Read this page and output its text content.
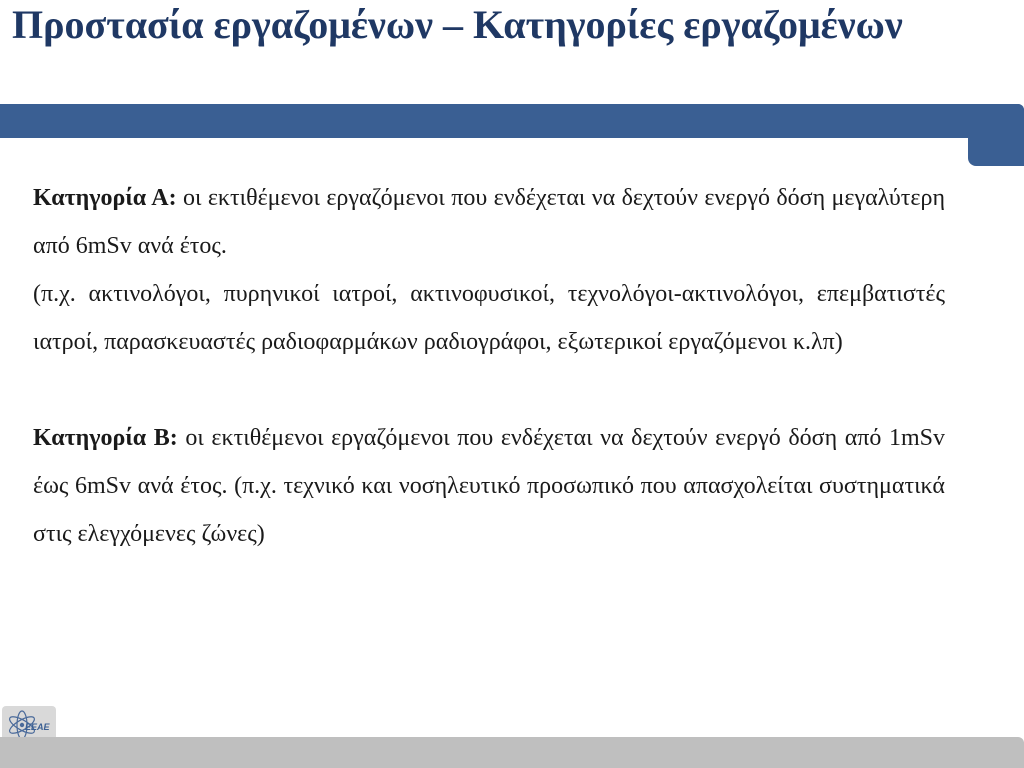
Προστασία εργαζομένων – Κατηγορίες εργαζομένων

Κατηγορία Α: οι εκτιθέμενοι εργαζόμενοι που ενδέχεται να δεχτούν ενεργό δόση μεγαλύτερη από 6mSv ανά έτος.

(π.χ. ακτινολόγοι, πυρηνικοί ιατροί, ακτινοφυσικοί, τεχνολόγοι-ακτινολόγοι, επεμβατιστές ιατροί, παρασκευαστές ραδιοφαρμάκων ραδιογράφοι, εξωτερικοί εργαζόμενοι κ.λπ)

Κατηγορία Β: οι εκτιθέμενοι εργαζόμενοι που ενδέχεται να δεχτούν ενεργό δόση από 1mSv έως 6mSv ανά έτος. (π.χ. τεχνικό και νοσηλευτικό προσωπικό που απασχολείται συστηματικά στις ελεγχόμενες ζώνες)

ΕΕΑΕ
